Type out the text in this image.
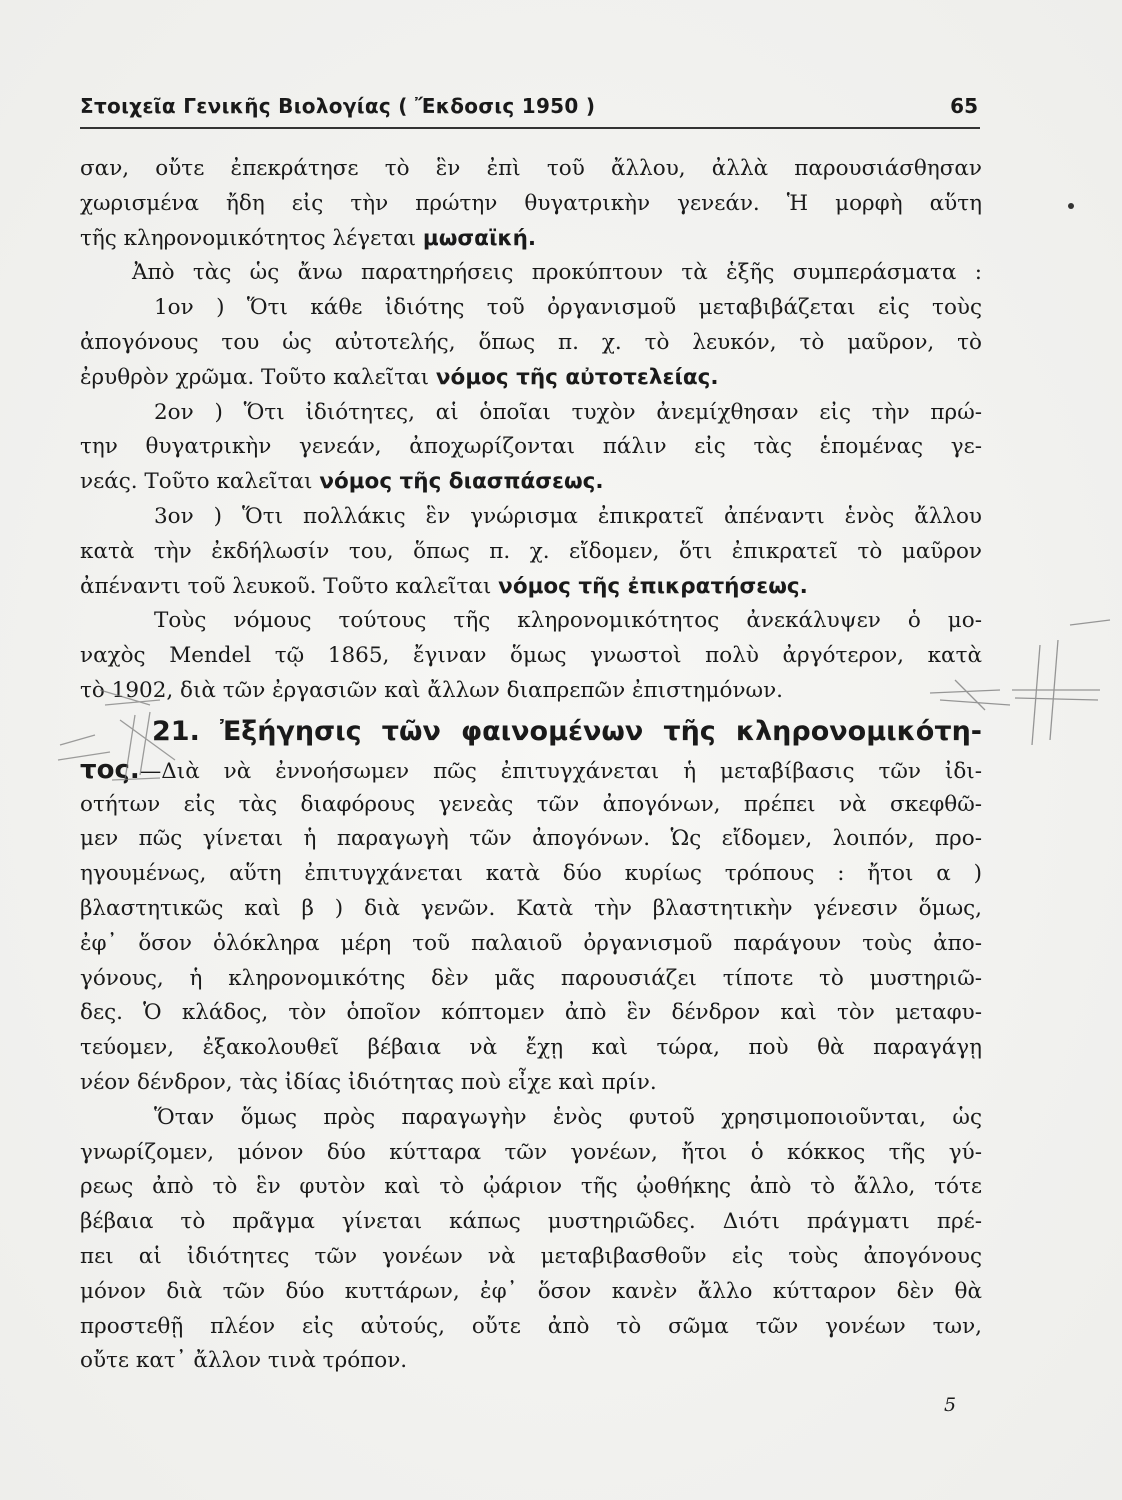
Στοιχεῖα Γενικῆς Βιολογίας ( Ἔκδοσις 1950 )	65
σαν, οὔτε ἐπεκράτησε τὸ ἓν ἐπὶ τοῦ ἄλλου, ἀλλὰ παρουσιάσθησαν
χωρισμένα ἤδη εἰς τὴν πρώτην θυγατρικὴν γενεάν. Ἡ μορφὴ αὕτη
τῆς κληρονομικότητος λέγεται μωσαϊκή.
Ἀπὸ τὰς ὡς ἄνω παρατηρήσεις προκύπτουν τὰ ἑξῆς συμπεράσματα :
1ον ) Ὅτι κάθε ἰδιότης τοῦ ὀργανισμοῦ μεταβιβάζεται εἰς τοὺς
ἀπογόνους του ὡς αὐτοτελής, ὅπως π. χ. τὸ λευκόν, τὸ μαῦρον, τὸ
ἐρυθρὸν χρῶμα. Τοῦτο καλεῖται νόμος τῆς αὐτοτελείας.
2ον ) Ὅτι ἰδιότητες, αἱ ὁποῖαι τυχὸν ἀνεμίχθησαν εἰς τὴν πρώ-
την θυγατρικὴν γενεάν, ἀποχωρίζονται πάλιν εἰς τὰς ἑπομένας γε-
νεάς. Τοῦτο καλεῖται νόμος τῆς διασπάσεως.
3ον ) Ὅτι πολλάκις ἓν γνώρισμα ἐπικρατεῖ ἀπέναντι ἑνὸς ἄλλου
κατὰ τὴν ἐκδήλωσίν του, ὅπως π. χ. εἴδομεν, ὅτι ἐπικρατεῖ τὸ μαῦρον
ἀπέναντι τοῦ λευκοῦ. Τοῦτο καλεῖται νόμος τῆς ἐπικρατήσεως.
Τοὺς νόμους τούτους τῆς κληρονομικότητος ἀνεκάλυψεν ὁ μο-
ναχὸς Mendel τῷ 1865, ἔγιναν ὅμως γνωστοὶ πολὺ ἀργότερον, κατὰ
τὸ 1902, διὰ τῶν ἐργασιῶν καὶ ἄλλων διαπρεπῶν ἐπιστημόνων.
21. Ἐξήγησις τῶν φαινομένων τῆς κληρονομικότη-
τος.—Διὰ νὰ ἐννοήσωμεν πῶς ἐπιτυγχάνεται ἡ μεταβίβασις τῶν ἰδι-
οτήτων εἰς τὰς διαφόρους γενεὰς τῶν ἀπογόνων, πρέπει νὰ σκεφθῶ-
μεν πῶς γίνεται ἡ παραγωγὴ τῶν ἀπογόνων. Ὡς εἴδομεν, λοιπόν, προ-
ηγουμένως, αὕτη ἐπιτυγχάνεται κατὰ δύο κυρίως τρόπους : ἤτοι α )
βλαστητικῶς καὶ β ) διὰ γενῶν. Κατὰ τὴν βλαστητικὴν γένεσιν ὅμως,
ἐφ᾽ ὅσον ὁλόκληρα μέρη τοῦ παλαιοῦ ὀργανισμοῦ παράγουν τοὺς ἀπο-
γόνους, ἡ κληρονομικότης δὲν μᾶς παρουσιάζει τίποτε τὸ μυστηριῶ-
δες. Ὁ κλάδος, τὸν ὁποῖον κόπτομεν ἀπὸ ἓν δένδρον καὶ τὸν μεταφυ-
τεύομεν, ἐξακολουθεῖ βέβαια νὰ ἔχῃ καὶ τώρα, ποὺ θὰ παραγάγῃ
νέον δένδρον, τὰς ἰδίας ἰδιότητας ποὺ εἶχε καὶ πρίν.
Ὅταν ὅμως πρὸς παραγωγὴν ἑνὸς φυτοῦ χρησιμοποιοῦνται, ὡς
γνωρίζομεν, μόνον δύο κύτταρα τῶν γονέων, ἤτοι ὁ κόκκος τῆς γύ-
ρεως ἀπὸ τὸ ἓν φυτὸν καὶ τὸ ᾠάριον τῆς ᾠοθήκης ἀπὸ τὸ ἄλλο, τότε
βέβαια τὸ πρᾶγμα γίνεται κάπως μυστηριῶδες. Διότι πράγματι πρέ-
πει αἱ ἰδιότητες τῶν γονέων νὰ μεταβιβασθοῦν εἰς τοὺς ἀπογόνους
μόνον διὰ τῶν δύο κυττάρων, ἐφ᾽ ὅσον κανὲν ἄλλο κύτταρον δὲν θὰ
προστεθῇ πλέον εἰς αὐτούς, οὔτε ἀπὸ τὸ σῶμα τῶν γονέων των,
οὔτε κατ᾽ ἄλλον τινὰ τρόπον.
5
